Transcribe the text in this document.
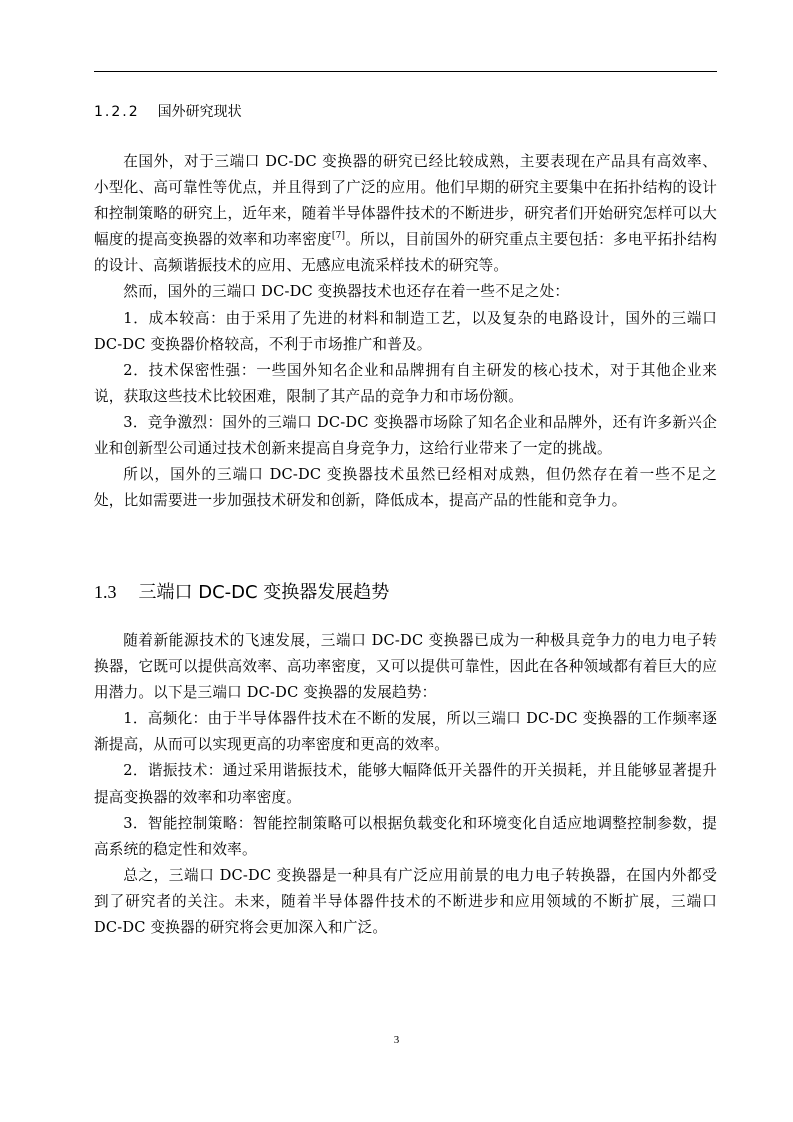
1.2.2 国外研究现状

在国外，对于三端口 DC-DC 变换器的研究已经比较成熟，主要表现在产品具有高效率、小型化、高可靠性等优点，并且得到了广泛的应用。他们早期的研究主要集中在拓扑结构的设计和控制策略的研究上，近年来，随着半导体器件技术的不断进步，研究者们开始研究怎样可以大幅度的提高变换器的效率和功率密度[7]。所以，目前国外的研究重点主要包括：多电平拓扑结构的设计、高频谐振技术的应用、无感应电流采样技术的研究等。

然而，国外的三端口 DC-DC 变换器技术也还存在着一些不足之处：

1．成本较高：由于采用了先进的材料和制造工艺，以及复杂的电路设计，国外的三端口 DC-DC 变换器价格较高，不利于市场推广和普及。

2．技术保密性强：一些国外知名企业和品牌拥有自主研发的核心技术，对于其他企业来说，获取这些技术比较困难，限制了其产品的竞争力和市场份额。

3．竞争激烈：国外的三端口 DC-DC 变换器市场除了知名企业和品牌外，还有许多新兴企业和创新型公司通过技术创新来提高自身竞争力，这给行业带来了一定的挑战。

所以，国外的三端口 DC-DC 变换器技术虽然已经相对成熟，但仍然存在着一些不足之处，比如需要进一步加强技术研发和创新，降低成本，提高产品的性能和竞争力。

1.3 三端口 DC-DC 变换器发展趋势

随着新能源技术的飞速发展，三端口 DC-DC 变换器已成为一种极具竞争力的电力电子转换器，它既可以提供高效率、高功率密度，又可以提供可靠性，因此在各种领域都有着巨大的应用潜力。以下是三端口 DC-DC 变换器的发展趋势：

1．高频化：由于半导体器件技术在不断的发展，所以三端口 DC-DC 变换器的工作频率逐渐提高，从而可以实现更高的功率密度和更高的效率。

2．谐振技术：通过采用谐振技术，能够大幅降低开关器件的开关损耗，并且能够显著提升提高变换器的效率和功率密度。

3．智能控制策略：智能控制策略可以根据负载变化和环境变化自适应地调整控制参数，提高系统的稳定性和效率。

总之，三端口 DC-DC 变换器是一种具有广泛应用前景的电力电子转换器，在国内外都受到了研究者的关注。未来，随着半导体器件技术的不断进步和应用领域的不断扩展，三端口 DC-DC 变换器的研究将会更加深入和广泛。

3
